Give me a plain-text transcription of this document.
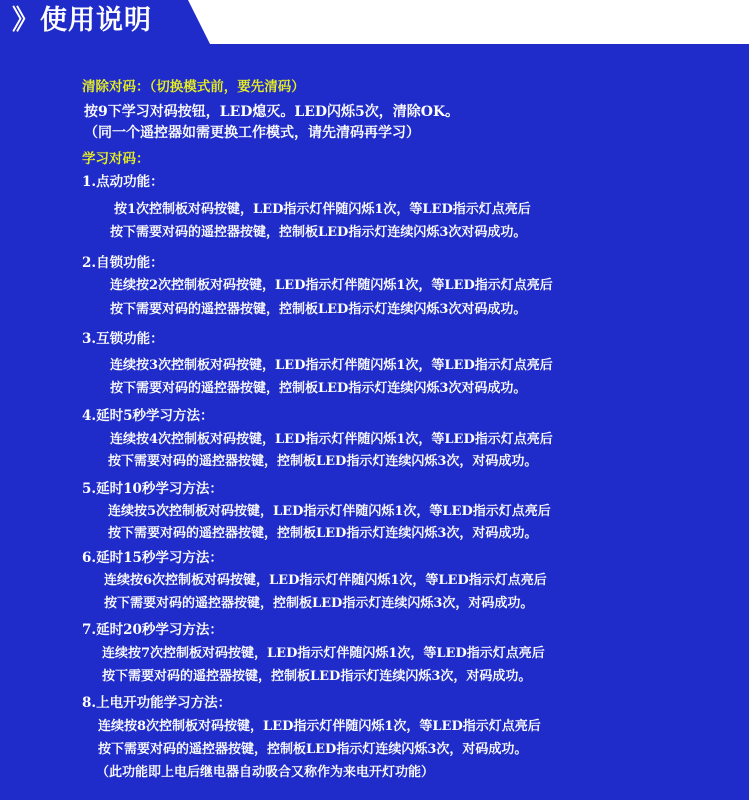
》使用说明
清除对码：（切换模式前，要先清码）
按9下学习对码按钮，LED熄灭。LED闪烁5次，清除OK。
（同一个遥控器如需更换工作模式，请先清码再学习）
学习对码：
1.点动功能：
按1次控制板对码按键，LED指示灯伴随闪烁1次，等LED指示灯点亮后
按下需要对码的遥控器按键，控制板LED指示灯连续闪烁3次对码成功。
2.自锁功能：
连续按2次控制板对码按键，LED指示灯伴随闪烁1次，等LED指示灯点亮后
按下需要对码的遥控器按键，控制板LED指示灯连续闪烁3次对码成功。
3.互锁功能：
连续按3次控制板对码按键，LED指示灯伴随闪烁1次，等LED指示灯点亮后
按下需要对码的遥控器按键，控制板LED指示灯连续闪烁3次对码成功。
4.延时5秒学习方法：
连续按4次控制板对码按键，LED指示灯伴随闪烁1次，等LED指示灯点亮后
按下需要对码的遥控器按键，控制板LED指示灯连续闪烁3次，对码成功。
5.延时10秒学习方法：
连续按5次控制板对码按键，LED指示灯伴随闪烁1次，等LED指示灯点亮后
按下需要对码的遥控器按键，控制板LED指示灯连续闪烁3次，对码成功。
6.延时15秒学习方法：
连续按6次控制板对码按键，LED指示灯伴随闪烁1次，等LED指示灯点亮后
按下需要对码的遥控器按键，控制板LED指示灯连续闪烁3次，对码成功。
7.延时20秒学习方法：
连续按7次控制板对码按键，LED指示灯伴随闪烁1次，等LED指示灯点亮后
按下需要对码的遥控器按键，控制板LED指示灯连续闪烁3次，对码成功。
8.上电开功能学习方法：
连续按8次控制板对码按键，LED指示灯伴随闪烁1次，等LED指示灯点亮后
按下需要对码的遥控器按键，控制板LED指示灯连续闪烁3次，对码成功。
（此功能即上电后继电器自动吸合又称作为来电开灯功能）
